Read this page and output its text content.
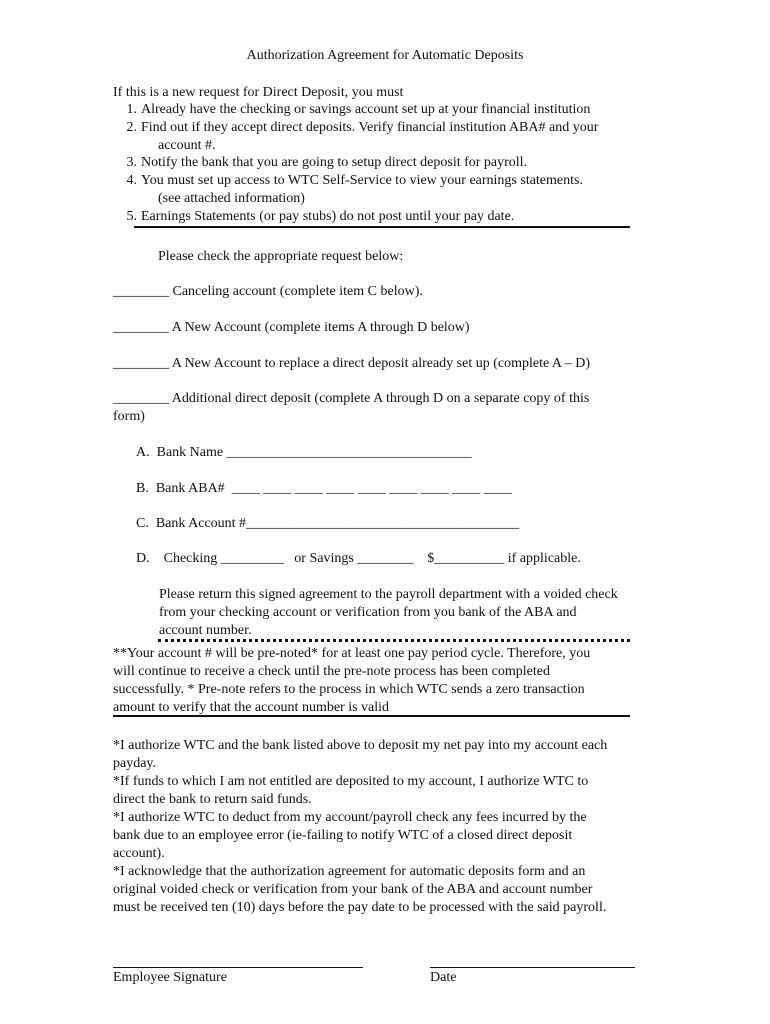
Authorization Agreement for Automatic Deposits
If this is a new request for Direct Deposit, you must
1. Already have the checking or savings account set up at your financial institution
2. Find out if they accept direct deposits. Verify financial institution ABA# and your
account #.
3. Notify the bank that you are going to setup direct deposit for payroll.
4. You must set up access to WTC Self-Service to view your earnings statements.
(see attached information)
5. Earnings Statements (or pay stubs) do not post until your pay date.
Please check the appropriate request below:
________ Canceling account (complete item C below).
________ A New Account (complete items A through D below)
________ A New Account to replace a direct deposit already set up (complete A – D)
________ Additional direct deposit (complete A through D on a separate copy of this
form)
A. Bank Name ___________________________________
B. Bank ABA# ____ ____ ____ ____ ____ ____ ____ ____ ____
C. Bank Account #_______________________________________
D. Checking _________ or Savings ________ $__________ if applicable.
Please return this signed agreement to the payroll department with a voided check
from your checking account or verification from you bank of the ABA and
account number.
**Your account # will be pre-noted* for at least one pay period cycle. Therefore, you
will continue to receive a check until the pre-note process has been completed
successfully. * Pre-note refers to the process in which WTC sends a zero transaction
amount to verify that the account number is valid
*I authorize WTC and the bank listed above to deposit my net pay into my account each
payday.
*If funds to which I am not entitled are deposited to my account, I authorize WTC to
direct the bank to return said funds.
*I authorize WTC to deduct from my account/payroll check any fees incurred by the
bank due to an employee error (ie-failing to notify WTC of a closed direct deposit
account).
*I acknowledge that the authorization agreement for automatic deposits form and an
original voided check or verification from your bank of the ABA and account number
must be received ten (10) days before the pay date to be processed with the said payroll.
Employee Signature	Date
